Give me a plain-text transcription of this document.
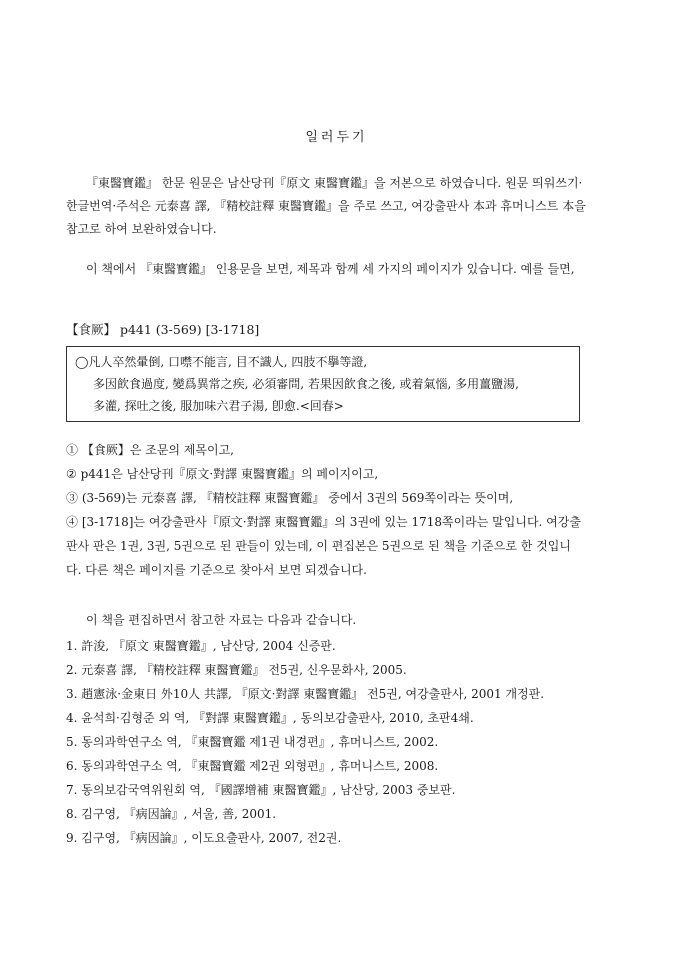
일러두기

『東醫寶鑑』 한문 원문은 남산당刊『原文 東醫寶鑑』을 저본으로 하였습니다. 원문 띄워쓰기·한글번역·주석은 元泰喜 譯, 『精校註釋 東醫寶鑑』을 주로 쓰고, 여강출판사 本과 휴머니스트 本을 참고로 하여 보완하였습니다.

이 책에서 『東醫寶鑑』 인용문을 보면, 제목과 함께 세 가지의 페이지가 있습니다. 예를 들면,

【食厥】 p441 (3-569) [3-1718]
◯凡人卒然暈倒, 口噤不能言, 目不識人, 四肢不擧等證,
多因飮食過度, 變爲異常之疾, 必須審問, 若果因飮食之後, 或着氣惱, 多用薑鹽湯,
多灌, 探吐之後, 服加味六君子湯, 卽愈.<回春>

① 【食厥】은 조문의 제목이고,

② p441은 남산당刊『原文·對譯 東醫寶鑑』의 페이지이고,

③ (3-569)는 元泰喜 譯, 『精校註釋 東醫寶鑑』 중에서 3권의 569쪽이라는 뜻이며,

④ [3-1718]는 여강출판사『原文·對譯 東醫寶鑑』의 3권에 있는 1718쪽이라는 말입니다. 여강출판사 판은 1권, 3권, 5권으로 된 판들이 있는데, 이 편집본은 5권으로 된 책을 기준으로 한 것입니다. 다른 책은 페이지를 기준으로 찾아서 보면 되겠습니다.

이 책을 편집하면서 참고한 자료는 다음과 같습니다.

1. 許浚, 『原文 東醫寶鑑』, 남산당, 2004 신증판.
2. 元泰喜 譯, 『精校註釋 東醫寶鑑』 전5권, 신우문화사, 2005.
3. 趙憲泳·金東日 外10人 共譯, 『原文·對譯 東醫寶鑑』 전5권, 여강출판사, 2001 개정판.
4. 윤석희·김형준 외 역, 『對譯 東醫寶鑑』, 동의보감출판사, 2010, 초판4쇄.
5. 동의과학연구소 역, 『東醫寶鑑 제1권 내경편』, 휴머니스트, 2002.
6. 동의과학연구소 역, 『東醫寶鑑 제2권 외형편』, 휴머니스트, 2008.
7. 동의보감국역위원회 역, 『國譯增補 東醫寶鑑』, 남산당, 2003 중보판.
8. 김구영, 『病因論』, 서울, 善, 2001.
9. 김구영, 『病因論』, 이도요출판사, 2007, 전2권.
